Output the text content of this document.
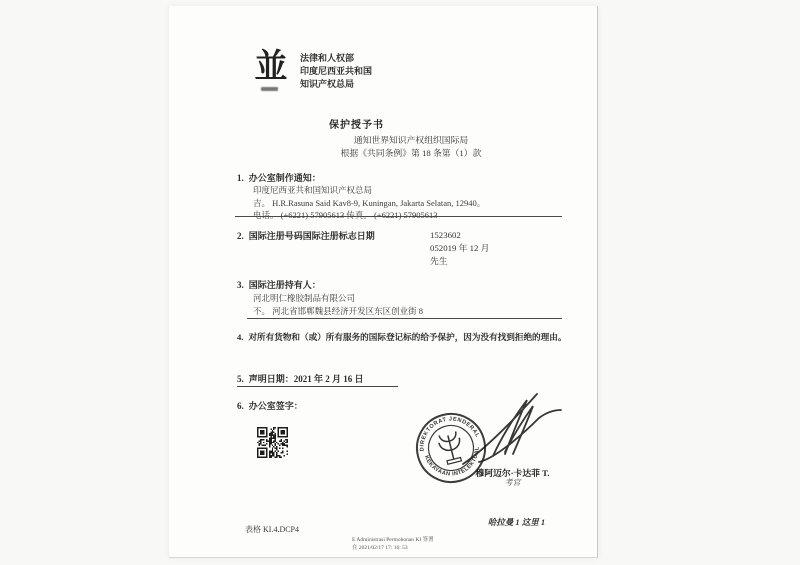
並	法律和人权部
印度尼西亚共和国
知识产权总局
保护授予书
通知世界知识产权组织国际局
根据《共同条例》第 18 条第（1）款
1. 办公室制作通知：
印度尼西亚共和国知识产权总局
吉。 H.R.Rasuna Said Kav8-9, Kuningan, Jakarta Selatan, 12940。
电话。 (+6221) 57905613 传真。 (+6221) 57905613
2. 国际注册号码国际注册标志日期	1523602
052019 年 12 月
先生
3. 国际注册持有人：
河北明仁橡胶制品有限公司
不。 河北省邯郸魏县经济开发区东区创业街 8
4. 对所有货物和（或）所有服务的国际登记标的给予保护，因为没有找到拒绝的理由。
5. 声明日期：2021 年 2 月 16 日
6. 办公室签字：
DIREKTORAT JENDERAL
KEKAYAAN INTELEKTUAL
穆阿迈尔·卡达菲 T.
考官
表格 KI.4.DCP4
哈拉曼 1 这里 1
E Administrasi Permohonan KI 签署
在 2021/02/17 17: 16: 53
